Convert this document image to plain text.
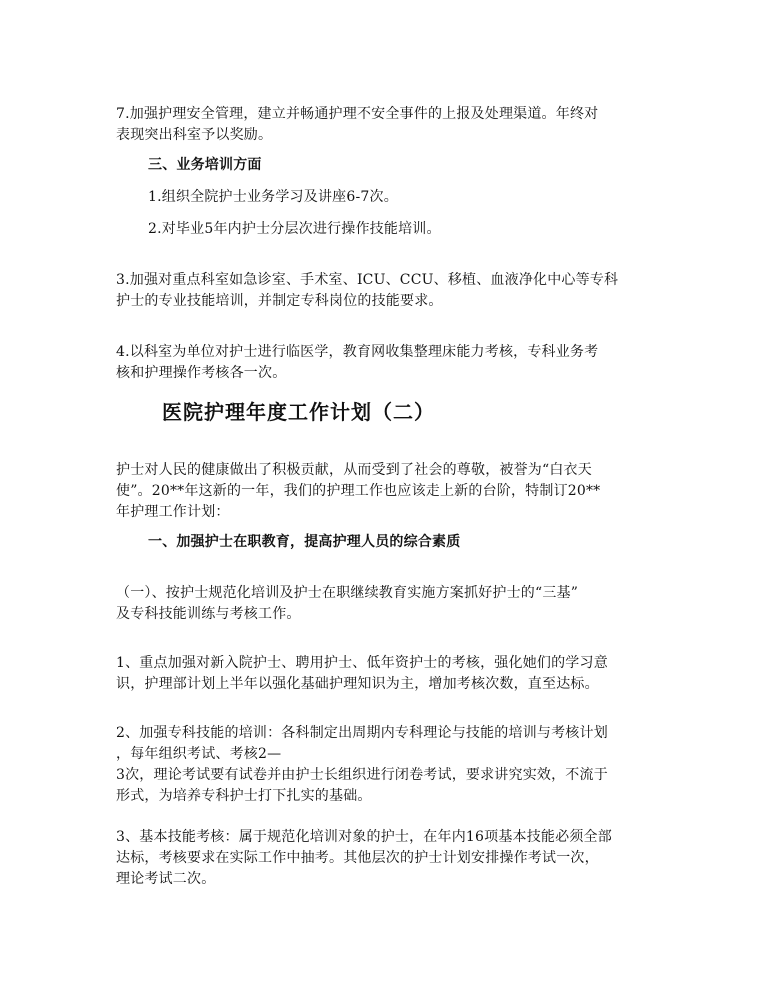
7.加强护理安全管理，建立并畅通护理不安全事件的上报及处理渠道。年终对
表现突出科室予以奖励。

三、业务培训方面

1.组织全院护士业务学习及讲座6-7次。

2.对毕业5年内护士分层次进行操作技能培训。

3.加强对重点科室如急诊室、手术室、ICU、CCU、移植、血液净化中心等专科
护士的专业技能培训，并制定专科岗位的技能要求。

4.以科室为单位对护士进行临医学，教育网收集整理床能力考核，专科业务考
核和护理操作考核各一次。

医院护理年度工作计划（二）

护士对人民的健康做出了积极贡献，从而受到了社会的尊敬，被誉为“白衣天
使”。20**年这新的一年，我们的护理工作也应该走上新的台阶，特制订20**
年护理工作计划：

一、加强护士在职教育，提高护理人员的综合素质

（一）、按护士规范化培训及护士在职继续教育实施方案抓好护士的“三基”
及专科技能训练与考核工作。

1、重点加强对新入院护士、聘用护士、低年资护士的考核，强化她们的学习意
识，护理部计划上半年以强化基础护理知识为主，增加考核次数，直至达标。

2、加强专科技能的培训：各科制定出周期内专科理论与技能的培训与考核计划
，每年组织考试、考核2—
3次，理论考试要有试卷并由护士长组织进行闭卷考试，要求讲究实效，不流于
形式，为培养专科护士打下扎实的基础。

3、基本技能考核：属于规范化培训对象的护士，在年内16项基本技能必须全部
达标，考核要求在实际工作中抽考。其他层次的护士计划安排操作考试一次，
理论考试二次。
